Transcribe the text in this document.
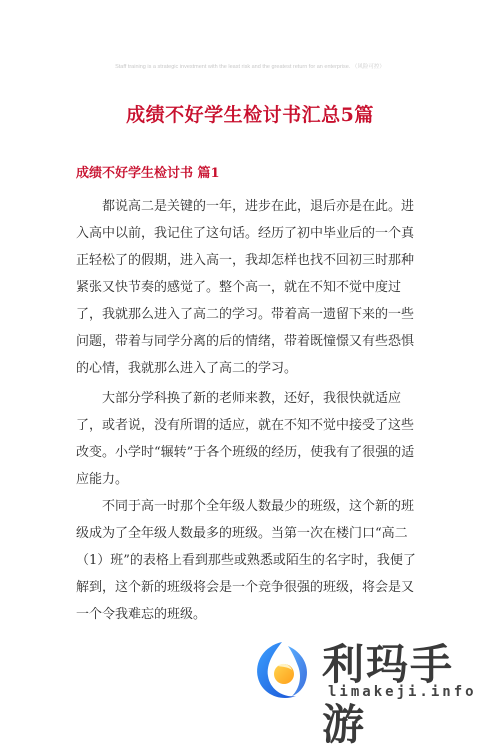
Staff training is a strategic investment with the least risk and the greatest return for an enterprise. （风险可控）
成绩不好学生检讨书汇总5篇
成绩不好学生检讨书 篇1

都说高二是关键的一年，进步在此，退后亦是在此。进入高中以前，我记住了这句话。经历了初中毕业后的一个真正轻松了的假期，进入高一，我却怎样也找不回初三时那种紧张又快节奏的感觉了。整个高一，就在不知不觉中度过了，我就那么进入了高二的学习。带着高一遗留下来的一些问题，带着与同学分离的后的情绪，带着既憧憬又有些恐惧的心情，我就那么进入了高二的学习。

大部分学科换了新的老师来教，还好，我很快就适应了，或者说，没有所谓的适应，就在不知不觉中接受了这些改变。小学时“辗转”于各个班级的经历，使我有了很强的适应能力。

不同于高一时那个全年级人数最少的班级，这个新的班级成为了全年级人数最多的班级。当第一次在楼门口“高二（1）班”的表格上看到那些或熟悉或陌生的名字时，我便了解到，这个新的班级将会是一个竞争很强的班级，将会是又一个令我难忘的班级。

利玛手游
limakeji.info
